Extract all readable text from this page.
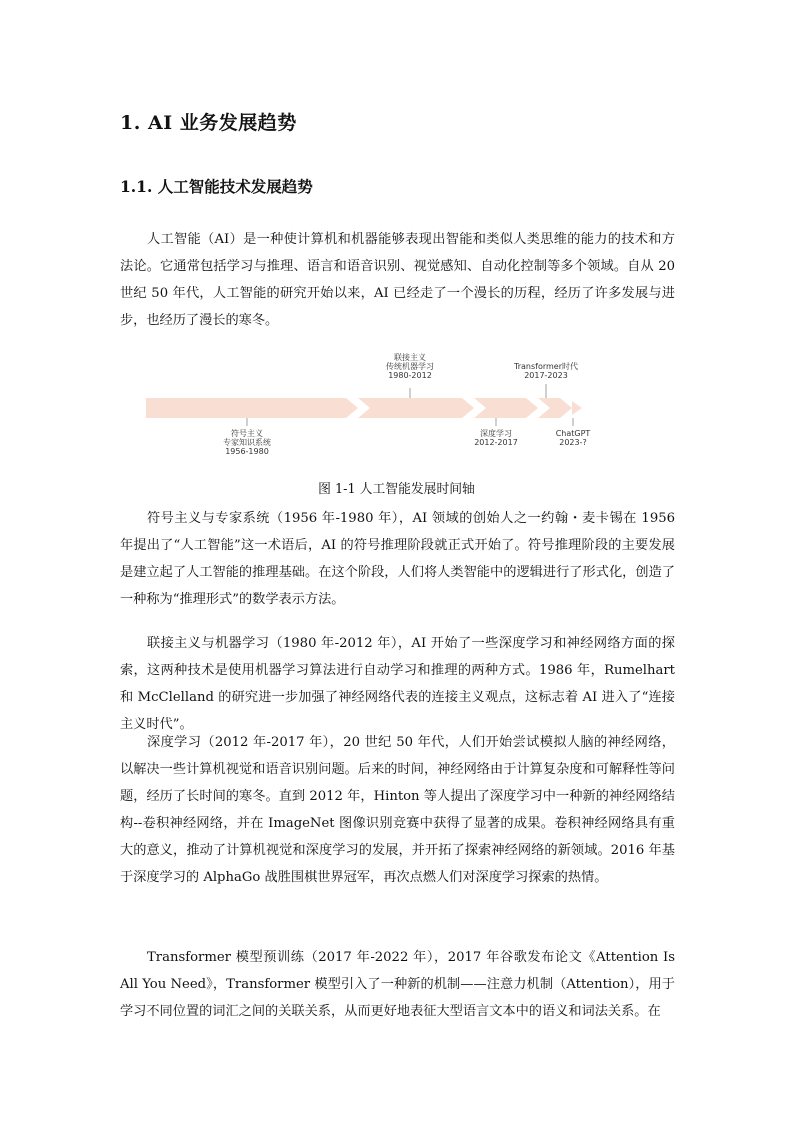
1. AI 业务发展趋势
1.1. 人工智能技术发展趋势

人工智能（AI）是一种使计算机和机器能够表现出智能和类似人类思维的能力的技术和方法论。它通常包括学习与推理、语言和语音识别、视觉感知、自动化控制等多个领域。自从 20 世纪 50 年代，人工智能的研究开始以来，AI 已经走了一个漫长的历程，经历了许多发展与进步，也经历了漫长的寒冬。

符号主义
专家知识系统
1956-1980
联接主义
传统机器学习
1980-2012
深度学习
2012-2017
Transformer时代
2017-2023
ChatGPT
2023-?

图 1-1 人工智能发展时间轴

符号主义与专家系统（1956 年-1980 年），AI 领域的创始人之一约翰・麦卡锡在 1956 年提出了“人工智能”这一术语后，AI 的符号推理阶段就正式开始了。符号推理阶段的主要发展是建立起了人工智能的推理基础。在这个阶段，人们将人类智能中的逻辑进行了形式化，创造了一种称为“推理形式”的数学表示方法。

联接主义与机器学习（1980 年-2012 年），AI 开始了一些深度学习和神经网络方面的探索，这两种技术是使用机器学习算法进行自动学习和推理的两种方式。1986 年，Rumelhart 和 McClelland 的研究进一步加强了神经网络代表的连接主义观点，这标志着 AI 进入了“连接主义时代”。

深度学习（2012 年-2017 年），20 世纪 50 年代，人们开始尝试模拟人脑的神经网络，以解决一些计算机视觉和语音识别问题。后来的时间，神经网络由于计算复杂度和可解释性等问题，经历了长时间的寒冬。直到 2012 年，Hinton 等人提出了深度学习中一种新的神经网络结构--卷积神经网络，并在 ImageNet 图像识别竞赛中获得了显著的成果。卷积神经网络具有重大的意义，推动了计算机视觉和深度学习的发展，并开拓了探索神经网络的新领域。2016 年基于深度学习的 AlphaGo 战胜围棋世界冠军，再次点燃人们对深度学习探索的热情。

Transformer 模型预训练（2017 年-2022 年），2017 年谷歌发布论文《Attention Is All You Need》，Transformer 模型引入了一种新的机制——注意力机制（Attention），用于学习不同位置的词汇之间的关联关系，从而更好地表征大型语言文本中的语义和词法关系。在
